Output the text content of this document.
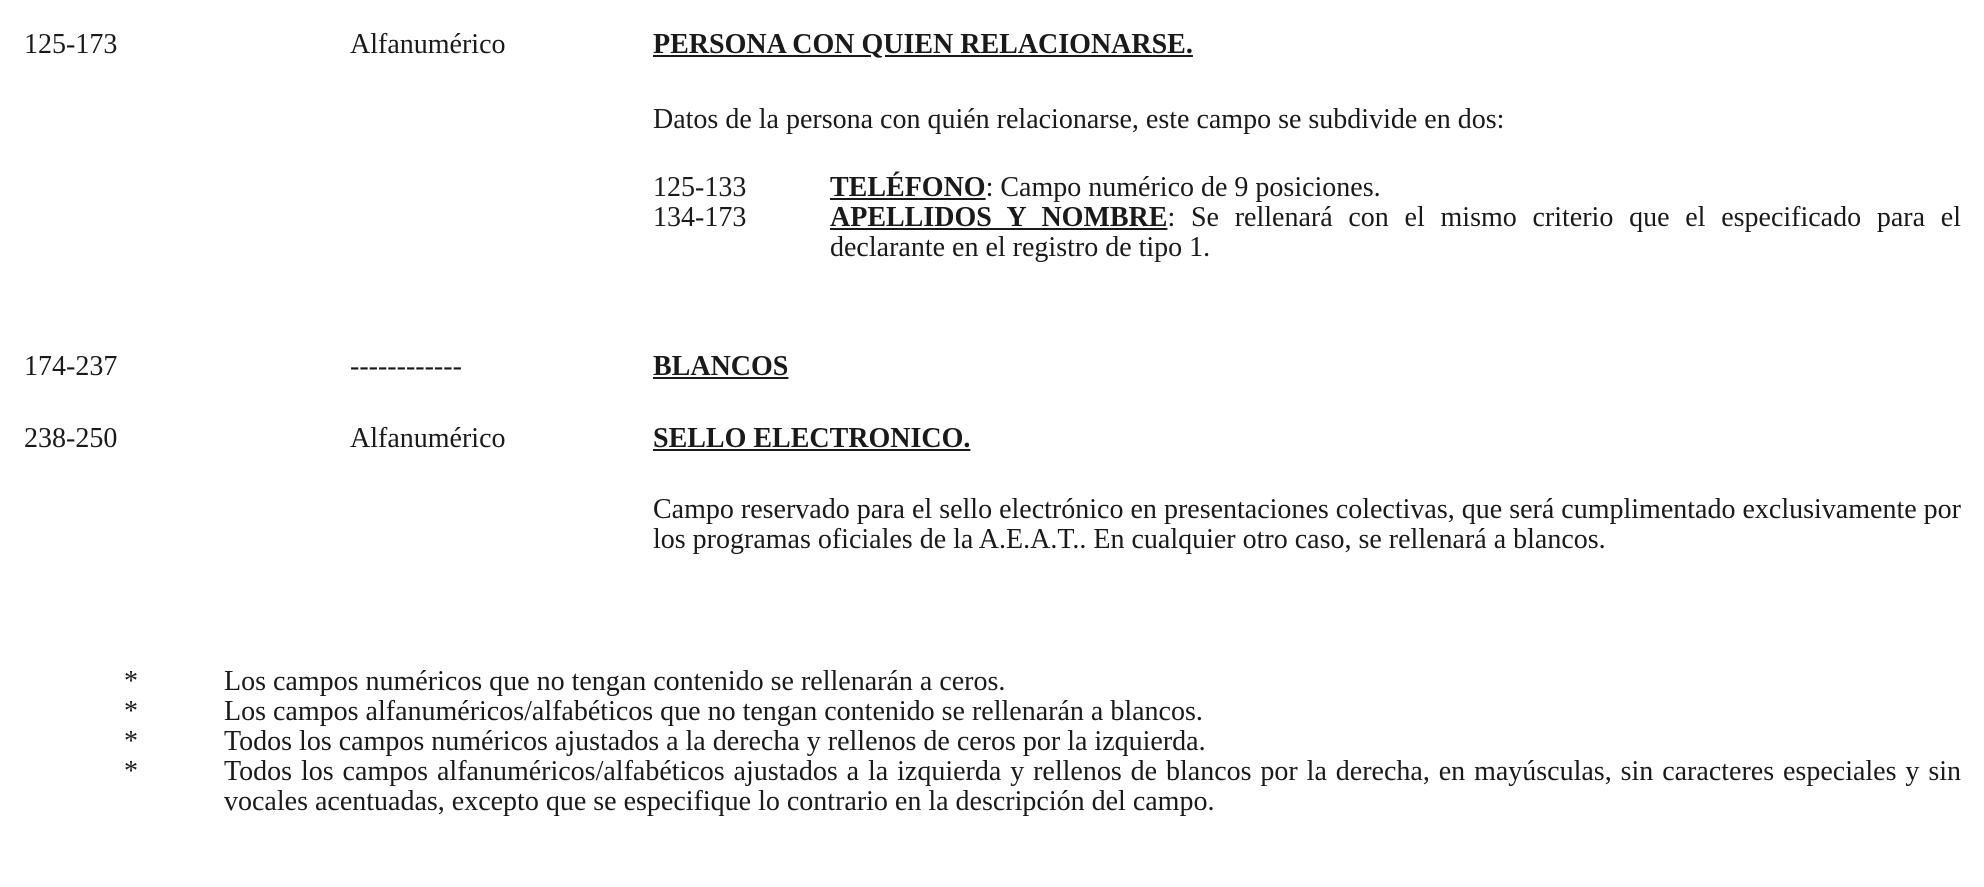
125-173	Alfanumérico	PERSONA CON QUIEN RELACIONARSE.
Datos de la persona con quién relacionarse, este campo se subdivide en dos:
125-133	TELÉFONO: Campo numérico de 9 posiciones.
134-173	APELLIDOS Y NOMBRE: Se rellenará con el mismo criterio que el especificado para el declarante en el registro de tipo 1.
174-237	------------	BLANCOS
238-250	Alfanumérico	SELLO ELECTRONICO.
Campo reservado para el sello electrónico en presentaciones colectivas, que será cumplimentado exclusivamente por los programas oficiales de la A.E.A.T.. En cualquier otro caso, se rellenará a blancos.
*	Los campos numéricos que no tengan contenido se rellenarán a ceros.
*	Los campos alfanuméricos/alfabéticos que no tengan contenido se rellenarán a blancos.
*	Todos los campos numéricos ajustados a la derecha y rellenos de ceros por la izquierda.
*	Todos los campos alfanuméricos/alfabéticos ajustados a la izquierda y rellenos de blancos por la derecha, en mayúsculas, sin caracteres especiales y sin vocales acentuadas, excepto que se especifique lo contrario en la descripción del campo.
